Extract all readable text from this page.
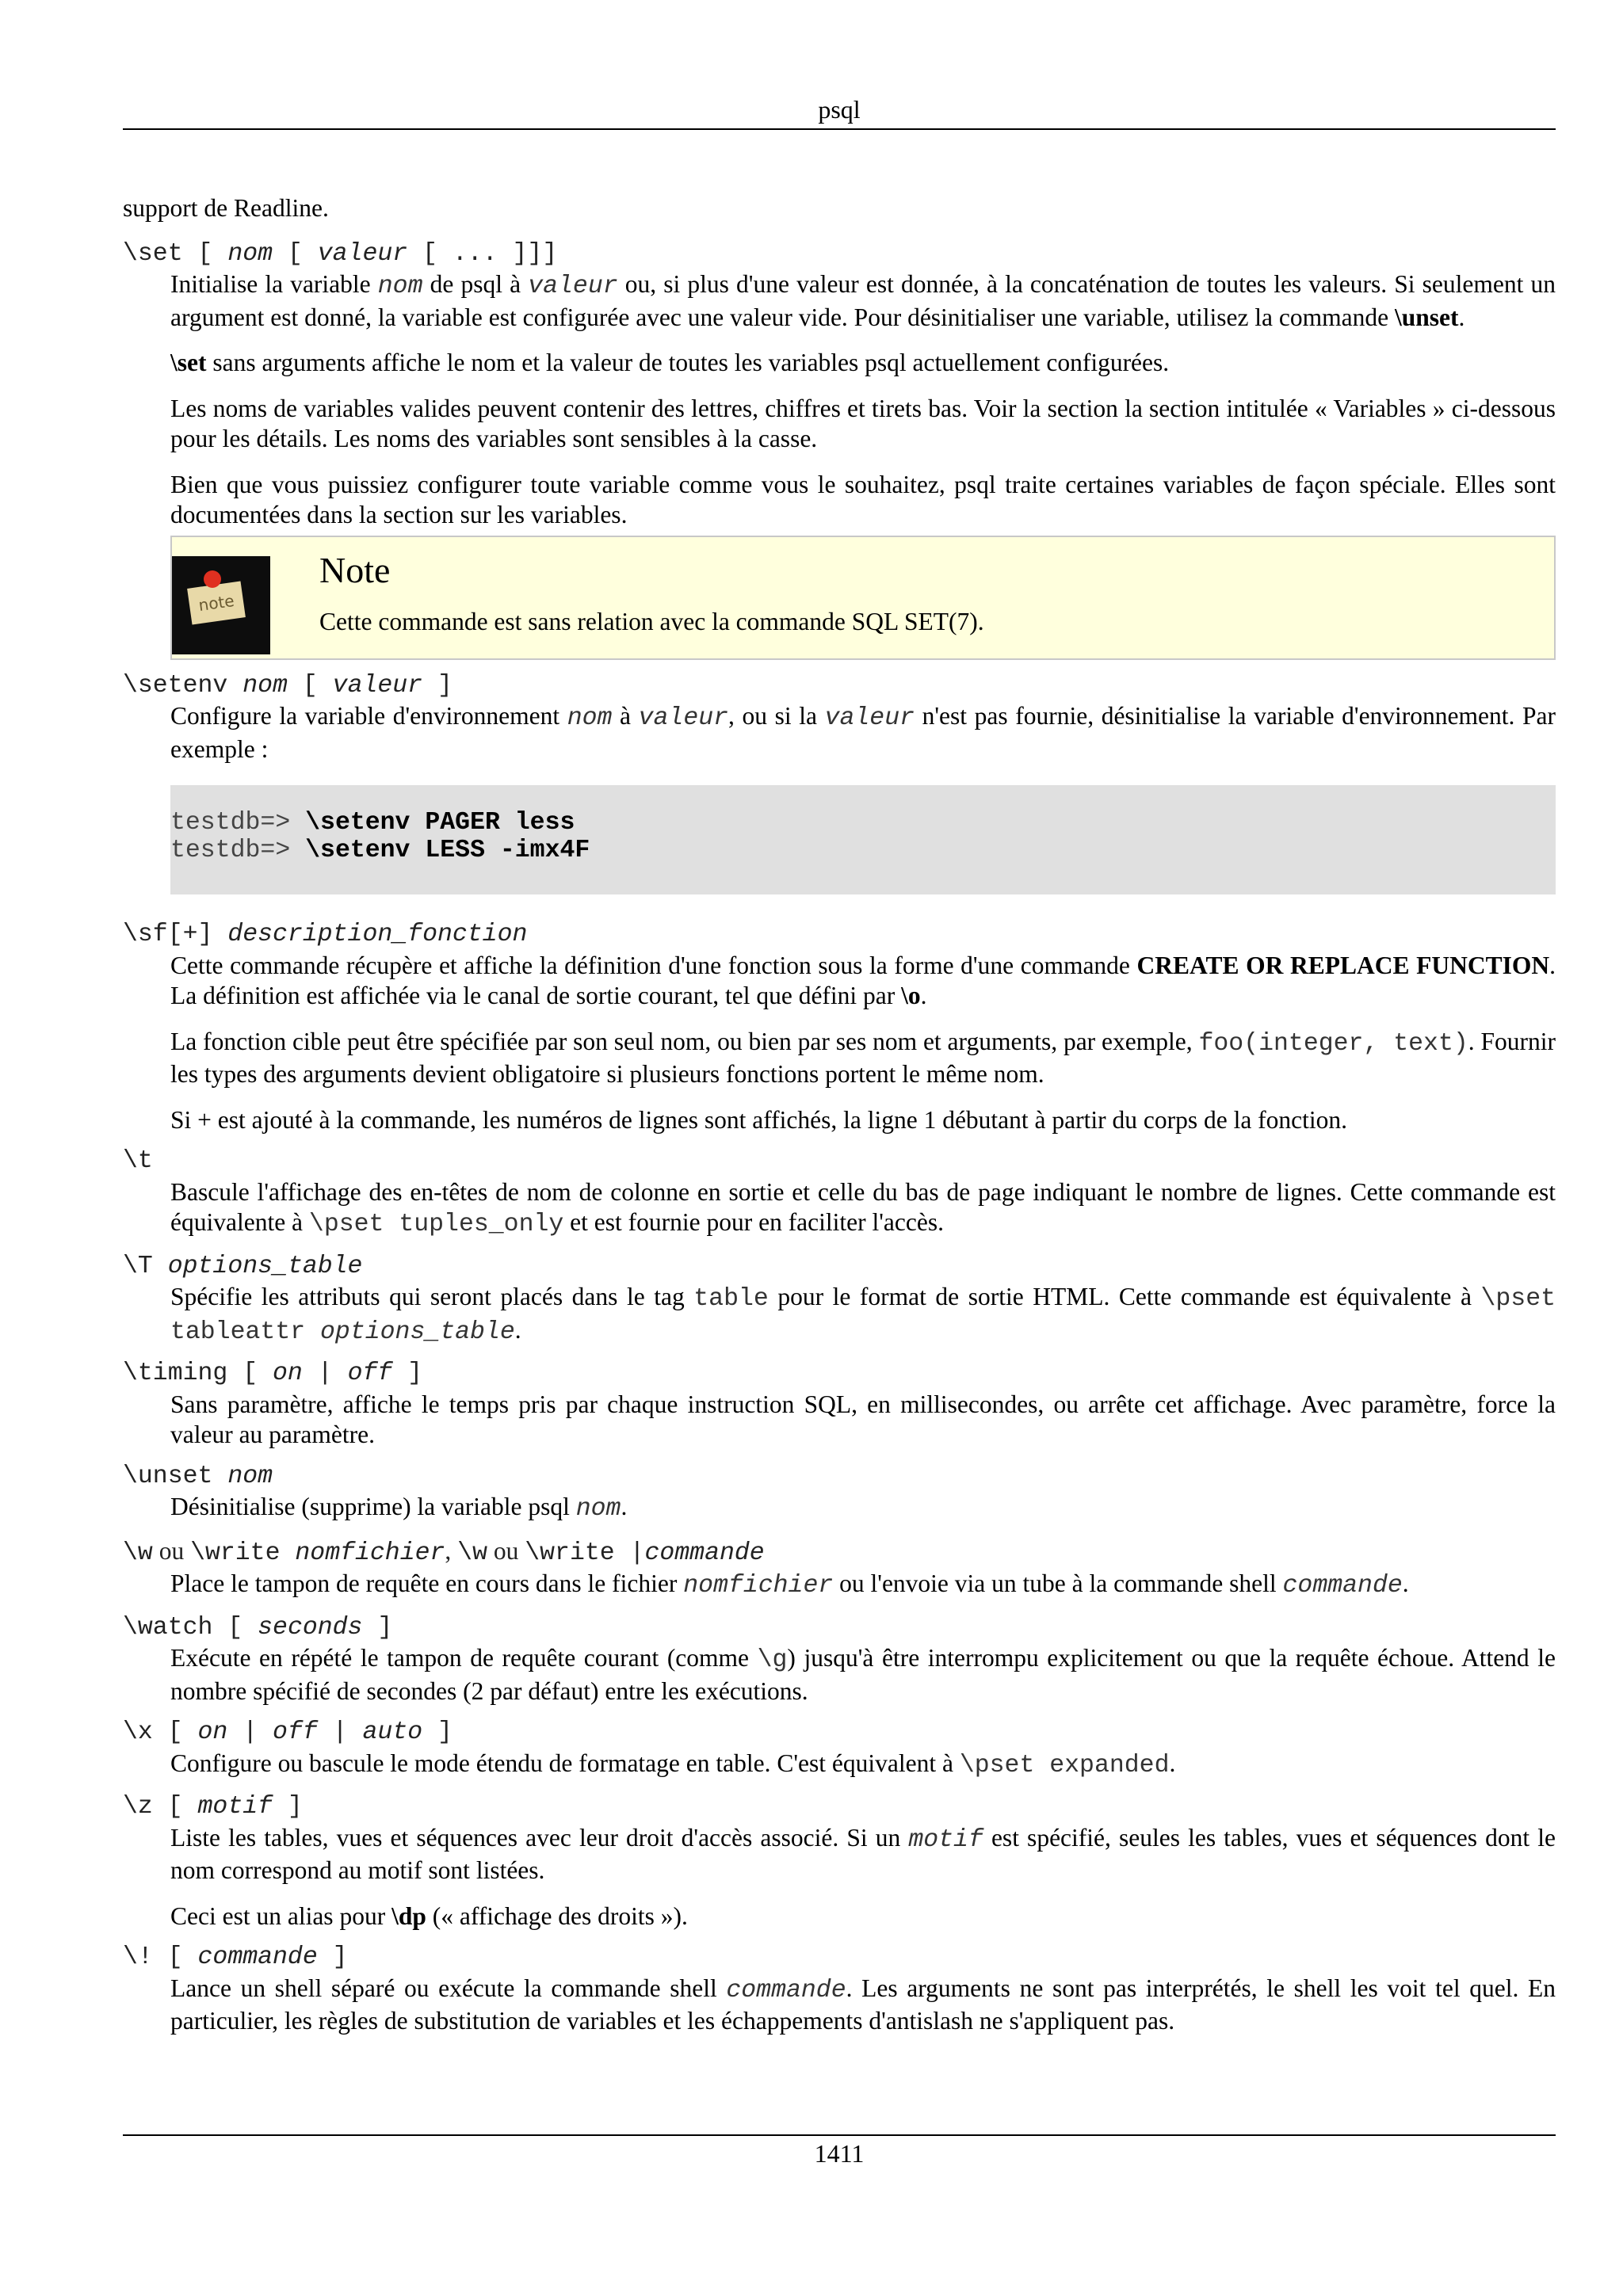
psql

support de Readline.

\set [ nom [ valeur [ ... ]]]

Initialise la variable nom de psql à valeur ou, si plus d'une valeur est donnée, à la concaténation de toutes les valeurs. Si seulement un argument est donné, la variable est configurée avec une valeur vide. Pour désinitialiser une variable, utilisez la commande \unset.

\set sans arguments affiche le nom et la valeur de toutes les variables psql actuellement configurées.

Les noms de variables valides peuvent contenir des lettres, chiffres et tirets bas. Voir la section la section intitulée « Variables » ci-dessous pour les détails. Les noms des variables sont sensibles à la casse.

Bien que vous puissiez configurer toute variable comme vous le souhaitez, psql traite certaines variables de façon spéciale. Elles sont documentées dans la section sur les variables.

note
Note
Cette commande est sans relation avec la commande SQL SET(7).

\setenv nom [ valeur ]

Configure la variable d'environnement nom à valeur, ou si la valeur n'est pas fournie, désinitialise la variable d'environnement. Par exemple :

testdb=> \setenv PAGER less
testdb=> \setenv LESS -imx4F

\sf[+] description_fonction

Cette commande récupère et affiche la définition d'une fonction sous la forme d'une commande CREATE OR REPLACE FUNCTION. La définition est affichée via le canal de sortie courant, tel que défini par \o.

La fonction cible peut être spécifiée par son seul nom, ou bien par ses nom et arguments, par exemple, foo(integer, text). Fournir les types des arguments devient obligatoire si plusieurs fonctions portent le même nom.

Si + est ajouté à la commande, les numéros de lignes sont affichés, la ligne 1 débutant à partir du corps de la fonction.

\t

Bascule l'affichage des en-têtes de nom de colonne en sortie et celle du bas de page indiquant le nombre de lignes. Cette commande est équivalente à \pset tuples_only et est fournie pour en faciliter l'accès.

\T options_table

Spécifie les attributs qui seront placés dans le tag table pour le format de sortie HTML. Cette commande est équivalente à \pset tableattr options_table.

\timing [ on | off ]

Sans paramètre, affiche le temps pris par chaque instruction SQL, en millisecondes, ou arrête cet affichage. Avec paramètre, force la valeur au paramètre.

\unset nom

Désinitialise (supprime) la variable psql nom.

\w ou \write nomfichier, \w ou \write |commande

Place le tampon de requête en cours dans le fichier nomfichier ou l'envoie via un tube à la commande shell commande.

\watch [ seconds ]

Exécute en répété le tampon de requête courant (comme \g) jusqu'à être interrompu explicitement ou que la requête échoue. Attend le nombre spécifié de secondes (2 par défaut) entre les exécutions.

\x [ on | off | auto ]

Configure ou bascule le mode étendu de formatage en table. C'est équivalent à \pset expanded.

\z [ motif ]

Liste les tables, vues et séquences avec leur droit d'accès associé. Si un motif est spécifié, seules les tables, vues et séquences dont le nom correspond au motif sont listées.

Ceci est un alias pour \dp (« affichage des droits »).

\! [ commande ]

Lance un shell séparé ou exécute la commande shell commande. Les arguments ne sont pas interprétés, le shell les voit tel quel. En particulier, les règles de substitution de variables et les échappements d'antislash ne s'appliquent pas.

1411
